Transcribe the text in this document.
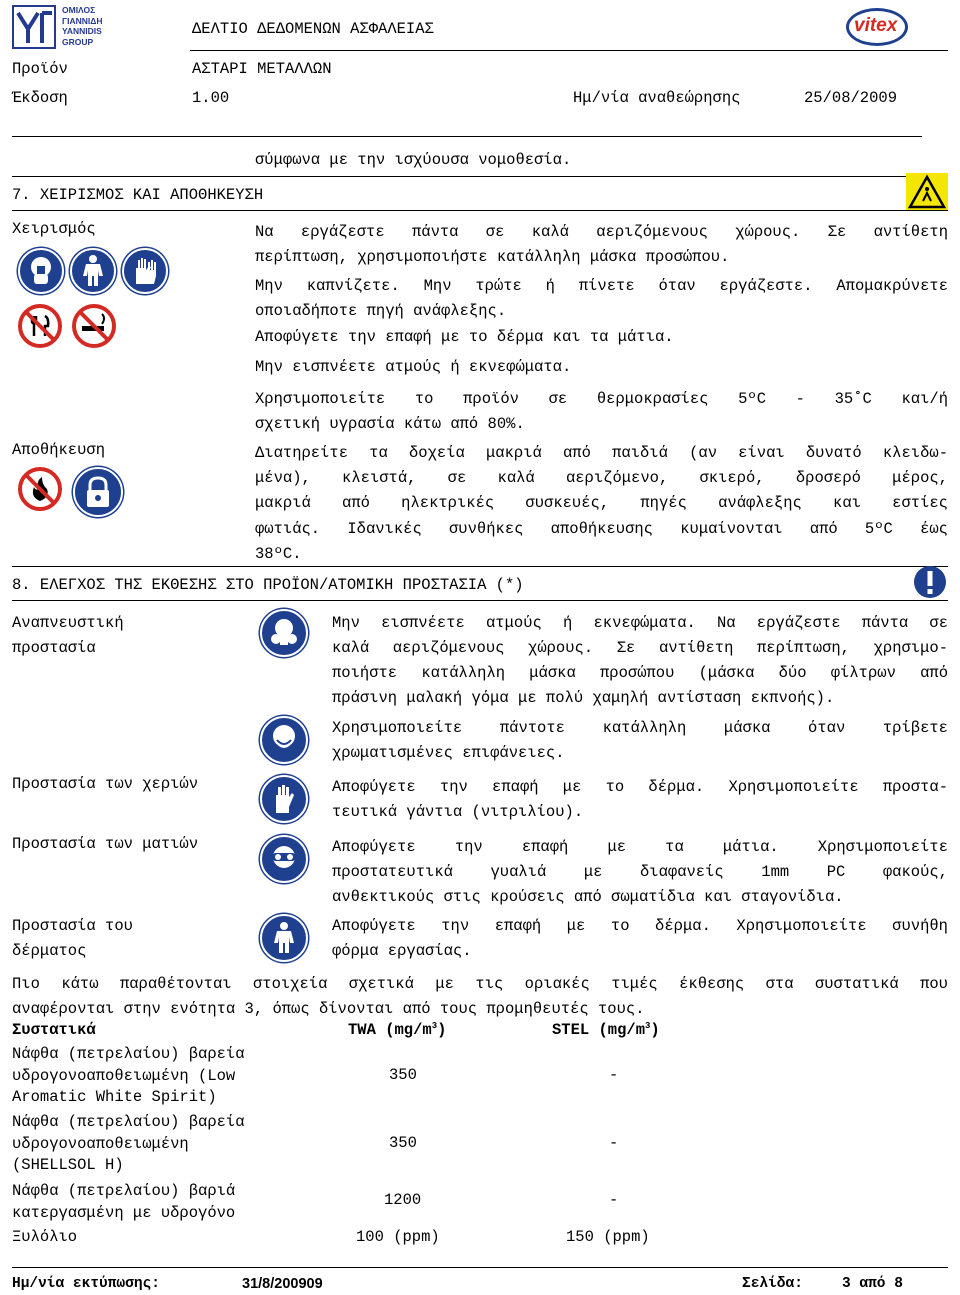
ΟΜΙΛΟΣ
ΓΙΑΝΝΙΔΗ
YANNIDIS
GROUP
ΔΕΛΤΙΟ ΔΕΔΟΜΕΝΩΝ ΑΣΦΑΛΕΙΑΣ	vitex
Προϊόν	ΑΣΤΑΡΙ ΜΕΤΑΛΛΩΝ
Έκδοση	1.00	Ημ/νία αναθεώρησης	25/08/2009
σύμφωνα με την ισχύουσα νομοθεσία.
7. ΧΕΙΡΙΣΜΟΣ ΚΑΙ ΑΠΟΘΗΚΕΥΣΗ
Χειρισμός	Να εργάζεστε πάντα σε καλά αεριζόμενους χώρους. Σε αντίθετη
περίπτωση, χρησιμοποιήστε κατάλληλη μάσκα προσώπου.
Μην καπνίζετε. Μην τρώτε ή πίνετε όταν εργάζεστε. Απομακρύνετε
οποιαδήποτε πηγή ανάφλεξης.
Αποφύγετε την επαφή με το δέρμα και τα μάτια.
Μην εισπνέετε ατμούς ή εκνεφώματα.
Χρησιμοποιείτε το προϊόν σε θερμοκρασίες 5ºC - 35˚C και/ή
σχετική υγρασία κάτω από 80%.
Αποθήκευση	Διατηρείτε τα δοχεία μακριά από παιδιά (αν είναι δυνατό κλειδω-
μένα), κλειστά, σε καλά αεριζόμενο, σκιερό, δροσερό μέρος,
μακριά από ηλεκτρικές συσκευές, πηγές ανάφλεξης και εστίες
φωτιάς. Ιδανικές συνθήκες αποθήκευσης κυμαίνονται από 5ºC έως
38ºC.
8. ΕΛΕΓΧΟΣ ΤΗΣ ΕΚΘΕΣΗΣ ΣΤΟ ΠΡΟΪΟΝ/ΑΤΟΜΙΚΗ ΠΡΟΣΤΑΣΙΑ (*)
Αναπνευστική
προστασία
Μην εισπνέετε ατμούς ή εκνεφώματα. Να εργάζεστε πάντα σε
καλά αεριζόμενους χώρους. Σε αντίθετη περίπτωση, χρησιμο-
ποιήστε κατάλληλη μάσκα προσώπου (μάσκα δύο φίλτρων από
πράσινη μαλακή γόμα με πολύ χαμηλή αντίσταση εκπνοής).
Χρησιμοποιείτε πάντοτε κατάλληλη μάσκα όταν τρίβετε
χρωματισμένες επιφάνειες.
Προστασία των χεριών	Αποφύγετε την επαφή με το δέρμα. Χρησιμοποιείτε προστα-
τευτικά γάντια (νιτριλίου).
Προστασία των ματιών	Αποφύγετε την επαφή με τα μάτια. Χρησιμοποιείτε
προστατευτικά γυαλιά με διαφανείς 1mm PC φακούς,
ανθεκτικούς στις κρούσεις από σωματίδια και σταγονίδια.
Προστασία του
δέρματος
Αποφύγετε την επαφή με το δέρμα. Χρησιμοποιείτε συνήθη
φόρμα εργασίας.
Πιο κάτω παραθέτονται στοιχεία σχετικά με τις οριακές τιμές έκθεσης στα συστατικά που
αναφέρονται στην ενότητα 3, όπως δίνονται από τους προμηθευτές τους.
Συστατικά	TWA $(mg/m^3)$	STEL $(mg/m^3)$
Νάφθα (πετρελαίου) βαρεία
υδρογονοαποθειωμένη (Low
Aromatic White Spirit)
350	-
Νάφθα (πετρελαίου) βαρεία
υδρογονοαποθειωμένη
(SHELLSOL H)
350	-
Νάφθα (πετρελαίου) βαριά
κατεργασμένη με υδρογόνο
1200	-
Ξυλόλιο	100 (ppm)	150 (ppm)
Ημ/νία εκτύπωσης:	31/8/200909	Σελίδα:	3 από 8
